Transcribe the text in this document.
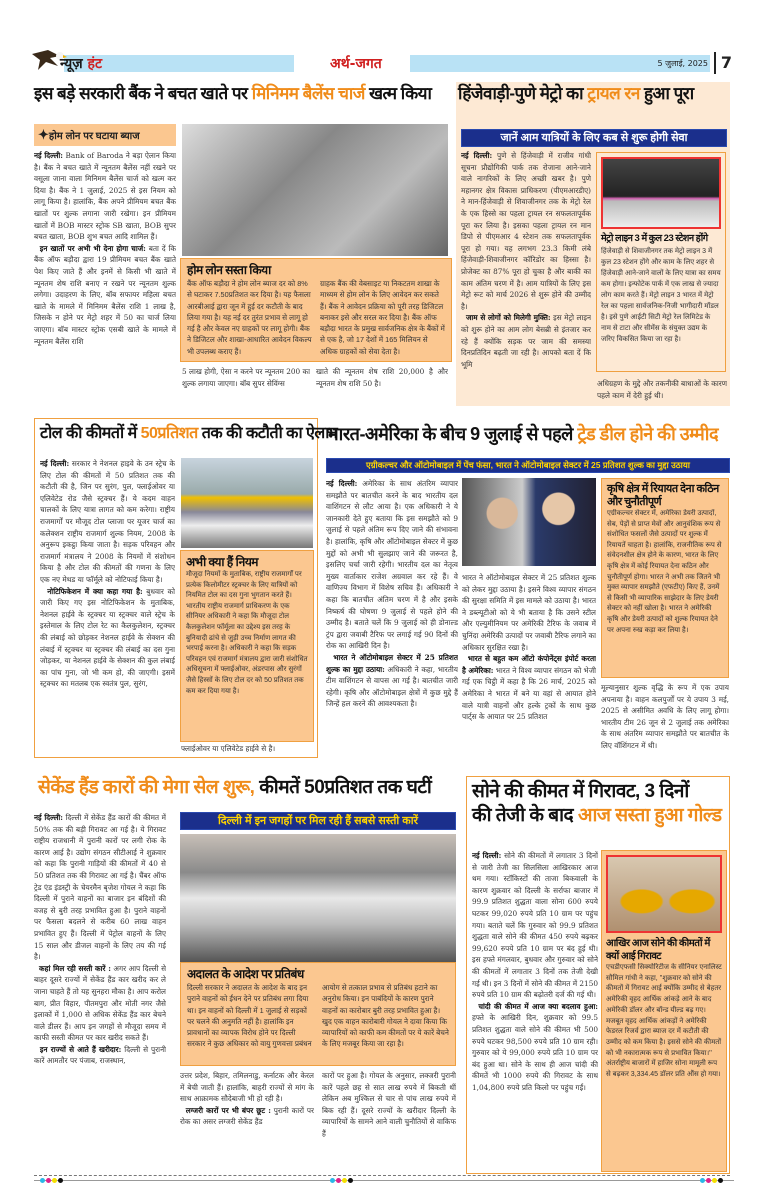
न्यूज़ हंट	अर्थ-जगत	5 जुलाई, 2025 7
इस बड़े सरकारी बैंक ने बचत खाते पर मिनिमम बैलेंस चार्ज खत्म किया
✦होम लोन पर घटाया ब्याज
नई दिल्ली: Bank of Baroda ने बड़ा ऐलान किया है। बैंक ने बचत खाते में न्यूनतम बैलेंस नहीं रखने पर वसूला जाना वाला मिनिमम बैलेंस चार्ज को खत्म कर दिया है। बैंक ने 1 जुलाई, 2025 से इस नियम को लागू किया है। हालांकि, बैंक अपने प्रीमियम बचत बैंक खातों पर शुल्क लगाना जारी रखेगा। इन प्रीमियम खातों में BOB मास्टर स्ट्रोक SB खाता, BOB सुपर बचत खाता, BOB शुभ बचत आदि शामिल हैं।
इन खातों पर अभी भी देना होगा चार्ज: बता दें कि बैंक ऑफ बड़ौदा द्वारा 19 प्रीमियम बचत बैंक खाते पेश किए जाते हैं और इनमें से किसी भी खाते में न्यूनतम शेष राशि बनाए न रखने पर न्यूनतम शुल्क लगेगा। उदाहरण के लिए, बॉब सफायर महिला बचत खाते के मामले में मिनिमम बैलेंस राशि 1 लाख है, जिसके न होने पर मेट्रो शहर में 50 का चार्ज लिया जाएगा। बॉब मास्टर स्ट्रोक एसबी खाते के मामले में न्यूनतम बैलेंस राशि
होम लोन सस्ता किया
बैंक ऑफ बड़ौदा ने होम लोन ब्याज दर को 8% से घटाकर 7.50प्रतिशत कर दिया है। यह फैसला आरबीआई द्वारा जून में हुई दर कटौती के बाद लिया गया है। यह नई दर तुरंत प्रभाव से लागू हो गई है और केवल नए ग्राहकों पर लागू होगी। बैंक ने डिजिटल और शाखा-आधारित आवेदन विकल्प भी उपलब्ध कराए हैं।
ग्राहक बैंक की वेबसाइट या निकटतम शाखा के माध्यम से होम लोन के लिए आवेदन कर सकते हैं। बैंक ने आवेदन प्रक्रिया को पूरी तरह डिजिटल बनाकर इसे और सरल कर दिया है। बैंक ऑफ बड़ौदा भारत के प्रमुख सार्वजनिक क्षेत्र के बैंकों में से एक है, जो 17 देशों में 165 मिलियन से अधिक ग्राहकों को सेवा देता है।
5 लाख होगी, ऐसा न करने पर न्यूनतम 200 का शुल्क लगाया जाएगा। बॉब सुपर सेविंग्स
खाते की न्यूनतम शेष राशि 20,000 है और न्यूनतम शेष राशि 50 है।
हिंजेवाड़ी-पुणे मेट्रो का ट्रायल रन हुआ पूरा
जानें आम यात्रियों के लिए कब से शुरू होगी सेवा
नई दिल्ली: पुणे से हिंजेवाड़ी में राजीव गांधी सूचना प्रौद्योगिकी पार्क तक रोजाना आने-जाने वाले नागरिकों के लिए अच्छी खबर है। पुणे महानगर क्षेत्र विकास प्राधिकरण (पीएमआरडीए) ने मान-हिंजेवाड़ी से शिवाजीनगर तक के मेट्रो रेल के एक हिस्से का पहला ट्रायल रन सफलतापूर्वक पूरा कर लिया है। इसका पहला ट्रायल रन मान डिपो से पीएमआर 4 स्टेशन तक सफलतापूर्वक पूरा हो गया। यह लगभग 23.3 किमी लंबे हिंजेवाड़ी-शिवाजीनगर कॉरिडोर का हिस्सा है। प्रोजेक्ट का 87% पूरा हो चुका है और बाकी का काम अंतिम चरण में है। आम यात्रियों के लिए इस मेट्रो रूट को मार्च 2026 से शुरू होने की उम्मीद है।
जाम से लोगों को मिलेगी मुक्ति: इस मेट्रो लाइन को शुरू होने का आम लोग बेसब्री से इंतजार कर रहे हैं क्योंकि सड़क पर जाम की समस्या दिनप्रतिदिन बढ़ती जा रही है। आपको बता दें कि भूमि
मेट्रो लाइन 3 में कुल 23 स्टेशन होंगे
हिंजेवाड़ी से शिवाजीनगर तक मेट्रो लाइन 3 में कुल 23 स्टेशन होंगे और काम के लिए शहर से हिंजेवाड़ी आने-जाने वालों के लिए यात्रा का समय कम होगा। इन्फोटेक पार्क में एक लाख से ज्यादा लोग काम करते हैं। मेट्रो लाइन 3 भारत में मेट्रो रेल का पहला सार्वजनिक-निजी भागीदारी मॉडल है। इसे पुणे आईटी सिटी मेट्रो रेल लिमिटेड के नाम से टाटा और सीमेंस के संयुक्त उद्यम के जरिए विकसित किया जा रहा है।
अधिग्रहण के मुद्दे और तकनीकी बाधाओं के कारण पहले काम में देरी हुई थी।
टोल की कीमतों में 50प्रतिशत तक की कटौती का ऐलान
नई दिल्ली: सरकार ने नेशनल हाइवे के उन स्ट्रेच के लिए टोल की कीमतों में 50 प्रतिशत तक की कटौती की है, जिन पर सुरंग, पुल, फ्लाईओवर या एलिवेटेड रोड जैसे स्ट्रक्चर हैं। ये कदम वाहन चालकों के लिए यात्रा लागत को कम करेगा। राष्ट्रीय राजमार्गों पर मौजूद टोल प्लाजा पर यूजर चार्ज का कलेक्शन राष्ट्रीय राजमार्ग शुल्क नियम, 2008 के अनुरूप इकट्ठा किया जाता है। सड़क परिवहन और राजमार्ग मंत्रालय ने 2008 के नियमों में संशोधन किया है और टोल की कीमतों की गणना के लिए एक नए मेथड या फॉर्मूले को नोटिफाई किया है।
नोटिफिकेशन में क्या कहा गया है: बुधवार को जारी किए गए इस नोटिफिकेशन के मुताबिक, नेशनल हाईवे के स्ट्रक्चर या स्ट्रक्चर वाले स्ट्रेच के इस्तेमाल के लिए टोल रेट का कैलकुलेशन, स्ट्रक्चर की लंबाई को छोड़कर नेशनल हाईवे के सेक्शन की लंबाई में स्ट्रक्चर या स्ट्रक्चर की लंबाई का दस गुना जोड़कर, या नेशनल हाईवे के सेक्शन की कुल लंबाई का पांच गुना, जो भी कम हो, की जाएगी। इसमें स्ट्रक्चर का मतलब एक स्वतंत्र पुल, सुरंग,
अभी क्या हैं नियम
मौजूदा नियमों के मुताबिक, राष्ट्रीय राजमार्गों पर प्रत्येक किलोमीटर स्ट्रक्चर के लिए यात्रियों को नियमित टोल का दस गुना भुगतान करते हैं। भारतीय राष्ट्रीय राजमार्ग प्राधिकरण के एक सीनियर अधिकारी ने कहा कि मौजूदा टोल कैलकुलेशन फॉर्मूला का उद्देश्य इस तरह के बुनियादी ढांचे से जुड़ी उच्च निर्माण लागत की भरपाई करना है। अधिकारी ने कहा कि सड़क परिवहन एवं राजमार्ग मंत्रालय द्वारा जारी संशोधित अधिसूचना में फ्लाईओवर, अंडरपास और सुरंगों जैसे हिस्सों के लिए टोल दर को 50 प्रतिशत तक कम कर दिया गया है।
फ्लाईओवर या एलिवेटेड हाईवे से है।
भारत-अमेरिका के बीच 9 जुलाई से पहले ट्रेड डील होने की उम्मीद
एग्रीकल्चर और ऑटोमोबाइल में पेंच फंसा, भारत ने ऑटोमोबाइल सेक्टर में 25 प्रतिशत शुल्क का मुद्दा उठाया
नई दिल्ली: अमेरिका के साथ अंतरिम व्यापार समझौते पर बातचीत करने के बाद भारतीय दल वाशिंगटन से लौट आया है। एक अधिकारी ने ये जानकारी देते हुए बताया कि इस समझौते को 9 जुलाई से पहले अंतिम रूप दिए जाने की संभावना है। हालांकि, कृषि और ऑटोमोबाइल सेक्टर में कुछ मुद्दों को अभी भी सुलझाए जाने की जरूरत है, इसलिए चर्चा जारी रहेगी। भारतीय दल का नेतृत्व मुख्य वार्ताकार राजेश अग्रवाल कर रहे हैं। वे वाणिज्य विभाग में विशेष सचिव हैं। अधिकारी ने कहा कि बातचीत अंतिम चरण में है और इसके निष्कर्ष की घोषणा 9 जुलाई से पहले होने की उम्मीद है। बताते चलें कि 9 जुलाई को ही डोनाल्ड ट्रंप द्वारा जवाबी टैरिफ पर लगाई गई 90 दिनों की रोक का आखिरी दिन है।
भारत ने ऑटोमोबाइल सेक्टर में 25 प्रतिशत शुल्क का मुद्दा उठाया: अधिकारी ने कहा, भारतीय टीम वाशिंगटन से वापस आ गई है। बातचीत जारी रहेगी। कृषि और ऑटोमोबाइल क्षेत्रों में कुछ मुद्दे हैं जिन्हें हल करने की आवश्यकता है।
भारत ने ऑटोमोबाइल सेक्टर में 25 प्रतिशत शुल्क को लेकर मुद्दा उठाया है। इसने विश्व व्यापार संगठन की सुरक्षा समिति में इस मामले को उठाया है। भारत ने डब्ल्यूटीओ को ये भी बताया है कि उसने स्टील और एल्युमीनियम पर अमेरिकी टैरिफ के जवाब में चुनिंदा अमेरिकी उत्पादों पर जवाबी टैरिफ लगाने का अधिकार सुरक्षित रखा है।
भारत से बहुत कम ऑटो कंपोनेंट्स इंपोर्ट करता है अमेरिका: भारत ने विश्व व्यापार संगठन को भेजी गई एक चिट्ठी में कहा है कि 26 मार्च, 2025 को अमेरिका ने भारत में बने या वहां से आयात होने वाले यात्री वाहनों और हल्के ट्रकों के साथ कुछ पार्ट्स के आयात पर 25 प्रतिशत
कृषि क्षेत्र में रियायत देना कठिन और चुनौतीपूर्ण
एग्रीकल्चर सेक्टर में, अमेरिका डेयरी उत्पादों, सेब, पेड़ों से प्राप्त मेवों और आनुवंशिक रूप से संशोधित फसलों जैसे उत्पादों पर शुल्क में रियायतें चाहता है। हालांकि, राजनीतिक रूप से संवेदनशील क्षेत्र होने के कारण, भारत के लिए कृषि क्षेत्र में कोई रियायत देना कठिन और चुनौतीपूर्ण होगा। भारत ने अभी तक जितने भी मुक्त व्यापार समझौते (एफटीए) किए हैं, उनमें से किसी भी व्यापारिक साझेदार के लिए डेयरी सेक्टर को नहीं खोला है। भारत ने अमेरिकी कृषि और डेयरी उत्पादों को शुल्क रियायत देने पर अपना रुख कड़ा कर लिया है।
मूल्यानुसार शुल्क वृद्धि के रूप में एक उपाय अपनाया है। वाहन कलपुर्जों पर ये उपाय 3 मई, 2025 से असीमित अवधि के लिए लागू होगा। भारतीय टीम 26 जून से 2 जुलाई तक अमेरिका के साथ अंतरिम व्यापार समझौते पर बातचीत के लिए वॉशिंगटन में थी।
सेकेंड हैंड कारों की मेगा सेल शुरू, कीमतें 50प्रतिशत तक घटीं
नई दिल्ली: दिल्ली में सेकेंड हैंड कारों की कीमत में 50% तक की बड़ी गिरावट आ गई है। ये गिरावट राष्ट्रीय राजधानी में पुरानी कारों पर लगी रोक के कारण आई है। उद्योग संगठन सीटीआई ने शुक्रवार को कहा कि पुरानी गाड़ियों की कीमतों में 40 से 50 प्रतिशत तक की गिरावट आ गई है। चैंबर ऑफ ट्रेड एंड इंडस्ट्री के चेयरमैन बृजेश गोयल ने कहा कि दिल्ली में पुराने वाहनों का बाजार इन बंदिशों की वजह से बुरी तरह प्रभावित हुआ है। पुराने वाहनों पर फैसला बदलने से करीब 60 लाख वाहन प्रभावित हुए हैं। दिल्ली में पेट्रोल वाहनों के लिए 15 साल और डीजल वाहनों के लिए तय की गई है।
कहां मिल रही सस्ती कारें : अगर आप दिल्ली से बाहर दूसरे राज्यों में सेकेंड हैंड कार खरीद कर ले जाना चाहते हैं तो यह सुनहरा मौका है। आप करोल बाग, प्रीत विहार, पीतमपुरा और मोती नगर जैसे इलाकों में 1,000 से अधिक सेकेंड हैंड कार बेचने वाले डीलर हैं। आप इन जगहों से मौजूदा समय में काफी सस्ती कीमत पर कार खरीद सकते हैं।
इन राज्यों से आते हैं खरीदार: दिल्ली से पुरानी कारें आमतौर पर पंजाब, राजस्थान,
दिल्ली में इन जगहों पर मिल रही हैं सबसे सस्ती कारें
अदालत के आदेश पर प्रतिबंध
दिल्ली सरकार ने अदालत के आदेश के बाद इन पुराने वाहनों को ईंधन देने पर प्रतिबंध लगा दिया था। इन वाहनों को दिल्ली में 1 जुलाई से सड़कों पर चलने की अनुमति नहीं है। हालांकि इन प्रावधानों का व्यापक विरोध होने पर दिल्ली सरकार ने कुछ अधिकार को वायु गुणवत्ता प्रबंधन
आयोग से तत्काल प्रभाव से प्रतिबंध हटाने का अनुरोध किया। इन पाबंदियों के कारण पुराने वाहनों का कारोबार बुरी तरह प्रभावित हुआ है। खुद एक वाहन कारोबारी गोयल ने दावा किया कि व्यापारियों को काफी कम कीमतों पर ये कारें बेचने के लिए मजबूर किया जा रहा है।
उत्तर प्रदेश, बिहार, तमिलनाडु, कर्नाटक और केरल में बेची जाती हैं। हालांकि, बाहरी राज्यों से मांग के साथ आक्रामक सौदेबाजी भी हो रही है।
लग्जरी कारों पर भी बंपर छूट : पुरानी कारों पर रोक का असर लग्जरी सेकेंड हैंड
कारों पर हुआ है। गोयल के अनुसार, लक्जरी पुरानी कारें पहले छह से सात लाख रुपये में बिकती थीं लेकिन अब मुश्किल से चार से पांच लाख रुपये में बिक रही हैं। दूसरे राज्यों के खरीदार दिल्ली के व्यापारियों के सामने आने वाली चुनौतियों से वाकिफ हैं
सोने की कीमत में गिरावट, 3 दिनों
की तेजी के बाद आज सस्ता हुआ गोल्ड
नई दिल्ली: सोने की कीमतों में लगातार 3 दिनों से जारी तेजी का सिलसिला आखिरकार आज थम गया। स्टॉकिस्टों की ताजा बिकवाली के कारण शुक्रवार को दिल्ली के सर्राफा बाजार में 99.9 प्रतिशत शुद्धता वाला सोना 600 रुपये घटकर 99,020 रुपये प्रति 10 ग्राम पर पहुंच गया। बताते चलें कि गुरुवार को 99.9 प्रतिशत शुद्धता वाले सोने की कीमत 450 रुपये बढ़कर 99,620 रुपये प्रति 10 ग्राम पर बंद हुई थी। इस हफ्ते मंगलवार, बुधवार और गुरुवार को सोने की कीमतों में लगातार 3 दिनों तक तेजी देखी गई थी। इन 3 दिनों में सोने की कीमत में 2150 रुपये प्रति 10 ग्राम की बढ़ोतरी दर्ज की गई थी।
चांदी की कीमत में आज क्या बदलाव हुआ: हफ्ते के आखिरी दिन, शुक्रवार को 99.5 प्रतिशत शुद्धता वाले सोने की कीमत भी 500 रुपये घटकर 98,500 रुपये प्रति 10 ग्राम रही। गुरुवार को ये 99,000 रुपये प्रति 10 ग्राम पर बंद हुआ था। सोने के साथ ही आज चांदी की कीमतें भी 1000 रुपये की गिरावट के साथ 1,04,800 रुपये प्रति किलो पर पहुंच गईं।
आखिर आज सोने की कीमतों में क्यों आई गिरावट
एचडीएफसी सिक्योरिटीज के सीनियर एनालिस्ट सौमिल गांधी ने कहा, ''शुक्रवार को सोने की कीमतों में गिरावट आई क्योंकि उम्मीद से बेहतर अमेरिकी वृहद आर्थिक आंकड़े आने के बाद अमेरिकी डॉलर और बॉन्ड यील्ड बढ़ गए। मजबूत वृहद आर्थिक आंकड़ों ने अमेरिकी फेडरल रिजर्व द्वारा ब्याज दर में कटौती की उम्मीद को कम किया है। इससे सोने की कीमतों को भी नकारात्मक रूप से प्रभावित किया।'' अंतर्राष्ट्रीय बाजारों में हाजिर सोना मामूली रूप से बढ़कर 3,334.45 डॉलर प्रति औंस हो गया।
